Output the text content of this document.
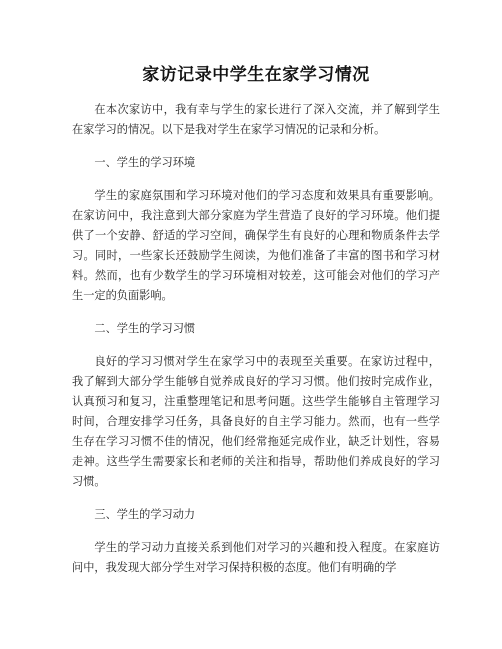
家访记录中学生在家学习情况

在本次家访中，我有幸与学生的家长进行了深入交流，并了解到学生在家学习的情况。以下是我对学生在家学习情况的记录和分析。

一、学生的学习环境

学生的家庭氛围和学习环境对他们的学习态度和效果具有重要影响。在家访问中，我注意到大部分家庭为学生营造了良好的学习环境。他们提供了一个安静、舒适的学习空间，确保学生有良好的心理和物质条件去学习。同时，一些家长还鼓励学生阅读，为他们准备了丰富的图书和学习材料。然而，也有少数学生的学习环境相对较差，这可能会对他们的学习产生一定的负面影响。

二、学生的学习习惯

良好的学习习惯对学生在家学习中的表现至关重要。在家访过程中，我了解到大部分学生能够自觉养成良好的学习习惯。他们按时完成作业，认真预习和复习，注重整理笔记和思考问题。这些学生能够自主管理学习时间，合理安排学习任务，具备良好的自主学习能力。然而，也有一些学生存在学习习惯不佳的情况，他们经常拖延完成作业，缺乏计划性，容易走神。这些学生需要家长和老师的关注和指导，帮助他们养成良好的学习习惯。

三、学生的学习动力

学生的学习动力直接关系到他们对学习的兴趣和投入程度。在家庭访问中，我发现大部分学生对学习保持积极的态度。他们有明确的学
